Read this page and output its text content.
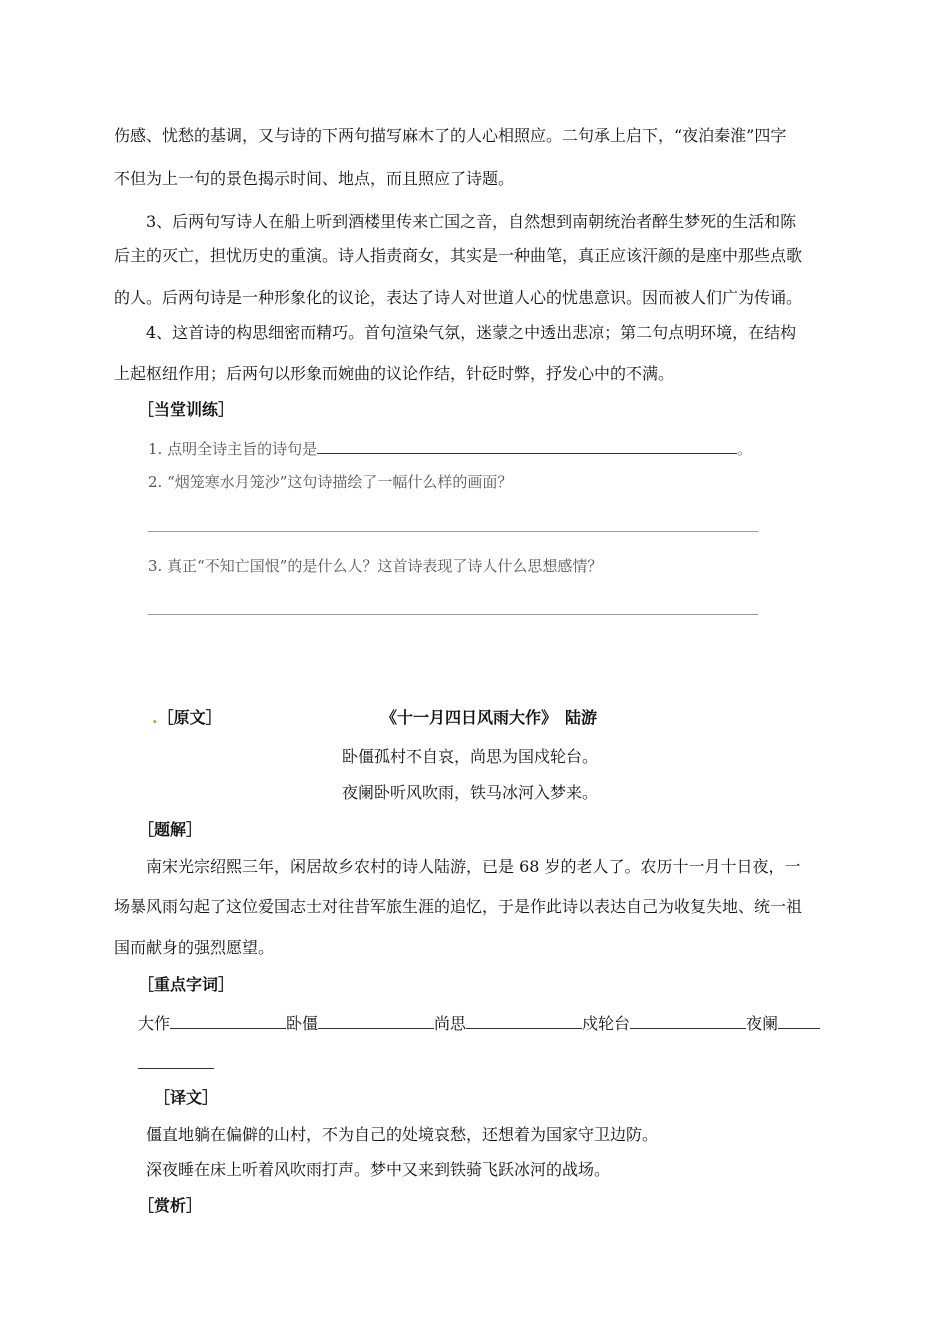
伤感、忧愁的基调，又与诗的下两句描写麻木了的人心相照应。二句承上启下，“夜泊秦淮”四字
不但为上一句的景色揭示时间、地点，而且照应了诗题。
3、后两句写诗人在船上听到酒楼里传来亡国之音，自然想到南朝统治者醉生梦死的生活和陈
后主的灭亡，担忧历史的重演。诗人指责商女，其实是一种曲笔，真正应该汗颜的是座中那些点歌
的人。后两句诗是一种形象化的议论，表达了诗人对世道人心的忧患意识。因而被人们广为传诵。
4、这首诗的构思细密而精巧。首句渲染气氛，迷蒙之中透出悲凉；第二句点明环境，在结构
上起枢纽作用；后两句以形象而婉曲的议论作结，针砭时弊，抒发心中的不满。
［当堂训练］
1. 点明全诗主旨的诗句是	。
2. “烟笼寒水月笼沙”这句诗描绘了一幅什么样的画面？
3. 真正“不知亡国恨”的是什么人？这首诗表现了诗人什么思想感情？
.［原文］	《十一月四日风雨大作》　陆游
卧僵孤村不自哀，尚思为国戍轮台。
夜阑卧听风吹雨，铁马冰河入梦来。
［题解］
南宋光宗绍熙三年，闲居故乡农村的诗人陆游，已是 68 岁的老人了。农历十一月十日夜，一
场暴风雨勾起了这位爱国志士对往昔军旅生涯的追忆，于是作此诗以表达自己为收复失地、统一祖
国而献身的强烈愿望。
［重点字词］
大作	卧僵	尚思	戍轮台	夜阑
［译文］
僵直地躺在偏僻的山村，不为自己的处境哀愁，还想着为国家守卫边防。
深夜睡在床上听着风吹雨打声。梦中又来到铁骑飞跃冰河的战场。
［赏析］
